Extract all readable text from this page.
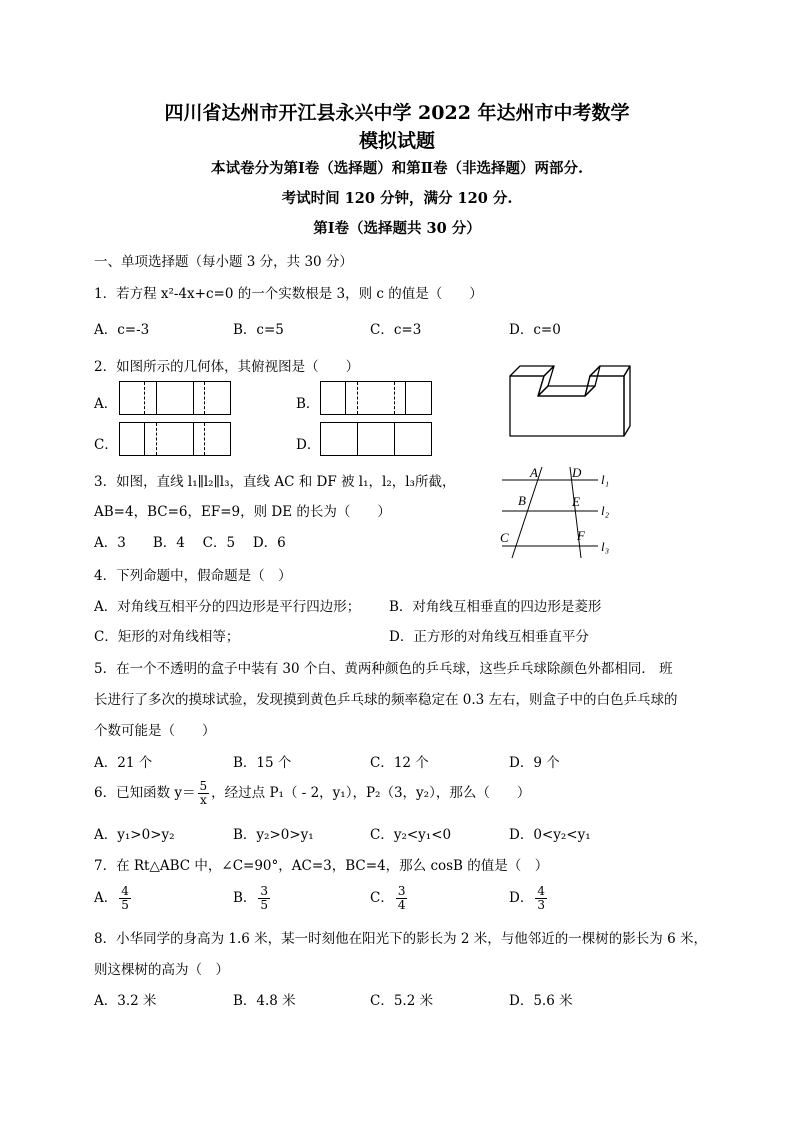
四川省达州市开江县永兴中学 2022 年达州市中考数学
模拟试题
本试卷分为第Ⅰ卷（选择题）和第Ⅱ卷（非选择题）两部分.
考试时间 120 分钟，满分 120 分.
第Ⅰ卷（选择题共 30 分）
一、单项选择题（每小题 3 分，共 30 分）
1．若方程 x²-4x+c=0 的一个实数根是 3，则 c 的值是（　　）
A．c=-3	B．c=5	C．c=3	D．c=0
2．如图所示的几何体，其俯视图是（　　）
A．	B．
C．	D．
3．如图，直线 l₁∥l₂∥l₃，直线 AC 和 DF 被 l₁，l₂，l₃所截，
AB=4，BC=6，EF=9，则 DE 的长为（　　）
A．3　　B．4　 C．5　 D．6
A	D
B	E
C	F
l₁
l₂
l₃
4．下列命题中，假命题是（　）
A．对角线互相平分的四边形是平行四边形； B．对角线互相垂直的四边形是菱形
C．矩形的对角线相等；	D．正方形的对角线互相垂直平分
5．在一个不透明的盒子中装有 30 个白、黄两种颜色的乒乓球，这些乒乓球除颜色外都相同． 班
长进行了多次的摸球试验，发现摸到黄色乒乓球的频率稳定在 0.3 左右，则盒子中的白色乒乓球的
个数可能是（　　）
A．21 个	B．15 个	C．12 个	D．9 个
6．已知函数 $y= \frac{5}{x}$ ，经过点 P₁（ - 2，y₁），P₂（3，y₂），那么（　　）
A．y₁>0>y₂	B．y₂>0>y₁	C．y₂<y₁<0	D．0<y₂<y₁
7．在 Rt△ABC 中，∠C=90°，AC=3，BC=4，那么 cosB 的值是（　）
A． $\frac{4}{5}$	B． $\frac{3}{5}$	C． $\frac{3}{4}$	D． $\frac{4}{3}$
8．小华同学的身高为 1.6 米，某一时刻他在阳光下的影长为 2 米，与他邻近的一棵树的影长为 6 米，
则这棵树的高为（　）
A．3.2 米	B．4.8 米	C．5.2 米	D．5.6 米
